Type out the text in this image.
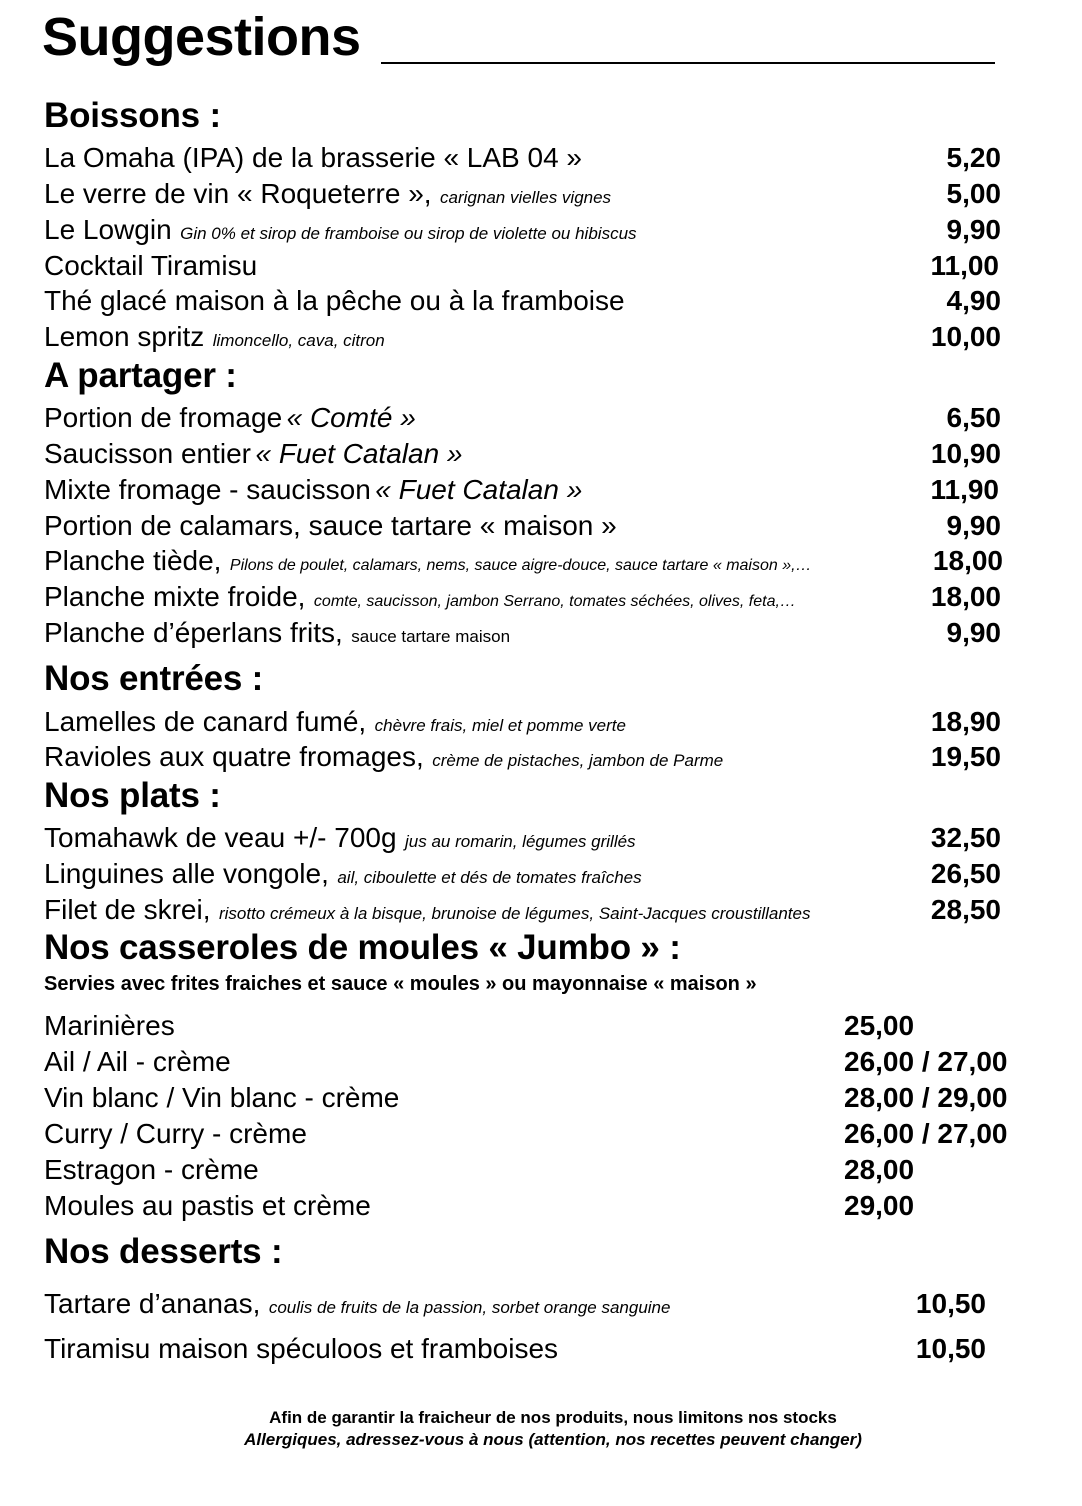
Suggestions
Boissons :
La Omaha (IPA) de la brasserie « LAB 04 »	5,20
Le verre de vin « Roqueterre », carignan vielles vignes	5,00
Le Lowgin Gin 0% et sirop de framboise ou sirop de violette ou hibiscus	9,90
Cocktail Tiramisu	11,00
Thé glacé maison à la pêche ou à la framboise	4,90
Lemon spritz limoncello, cava, citron	10,00
A partager :
Portion de fromage « Comté »	6,50
Saucisson entier « Fuet Catalan »	10,90
Mixte fromage - saucisson « Fuet Catalan »	11,90
Portion de calamars, sauce tartare « maison »	9,90
Planche tiède, Pilons de poulet, calamars, nems, sauce aigre-douce, sauce tartare « maison »,…	18,00
Planche mixte froide, comte, saucisson, jambon Serrano, tomates séchées, olives, feta,…	18,00
Planche d’éperlans frits, sauce tartare maison	9,90
Nos entrées :
Lamelles de canard fumé, chèvre frais, miel et pomme verte	18,90
Ravioles aux quatre fromages, crème de pistaches, jambon de Parme	19,50
Nos plats :
Tomahawk de veau +/- 700g jus au romarin, légumes grillés	32,50
Linguines alle vongole, ail, ciboulette et dés de tomates fraîches	26,50
Filet de skrei, risotto crémeux à la bisque, brunoise de légumes, Saint-Jacques croustillantes	28,50
Nos casseroles de moules « Jumbo » :
Servies avec frites fraiches et sauce « moules » ou mayonnaise « maison »
Marinières	25,00
Ail / Ail - crème	26,00 / 27,00
Vin blanc / Vin blanc - crème	28,00 / 29,00
Curry / Curry - crème	26,00 / 27,00
Estragon - crème	28,00
Moules au pastis et crème	29,00
Nos desserts :
Tartare d’ananas, coulis de fruits de la passion, sorbet orange sanguine	10,50
Tiramisu maison spéculoos et framboises	10,50
Afin de garantir la fraicheur de nos produits, nous limitons nos stocks
Allergiques, adressez-vous à nous (attention, nos recettes peuvent changer)
